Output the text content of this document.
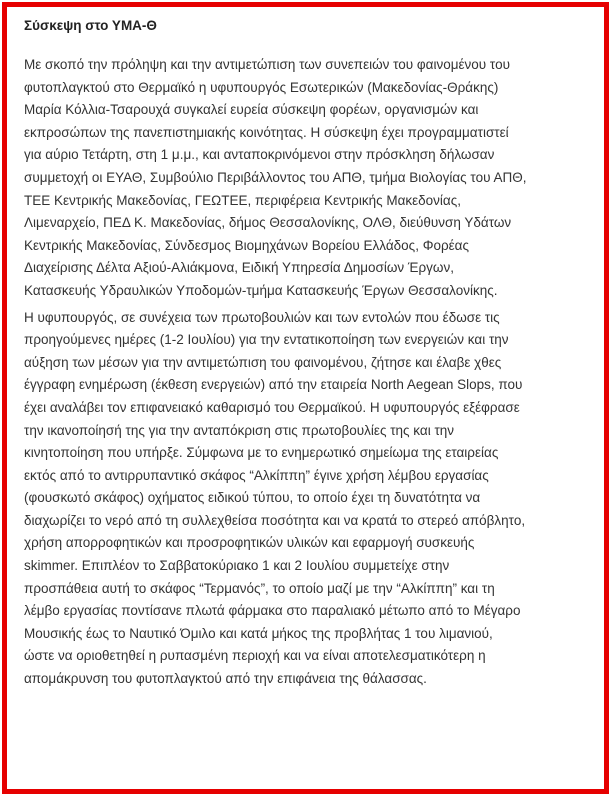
Σύσκεψη στο ΥΜΑ-Θ

Με σκοπό την πρόληψη και την αντιμετώπιση των συνεπειών του φαινομένου του
φυτοπλαγκτού στο Θερμαϊκό η υφυπουργός Εσωτερικών (Μακεδονίας-Θράκης)
Μαρία Κόλλια-Τσαρουχά συγκαλεί ευρεία σύσκεψη φορέων, οργανισμών και
εκπροσώπων της πανεπιστημιακής κοινότητας. Η σύσκεψη έχει προγραμματιστεί
για αύριο Τετάρτη, στη 1 μ.μ., και ανταποκρινόμενοι στην πρόσκληση δήλωσαν
συμμετοχή οι ΕΥΑΘ, Συμβούλιο Περιβάλλοντος του ΑΠΘ, τμήμα Βιολογίας του ΑΠΘ,
ΤΕΕ Κεντρικής Μακεδονίας, ΓΕΩΤΕΕ, περιφέρεια Κεντρικής Μακεδονίας,
Λιμεναρχείο, ΠΕΔ Κ. Μακεδονίας, δήμος Θεσσαλονίκης, ΟΛΘ, διεύθυνση Υδάτων
Κεντρικής Μακεδονίας, Σύνδεσμος Βιομηχάνων Βορείου Ελλάδος, Φορέας
Διαχείρισης Δέλτα Αξιού-Αλιάκμονα, Ειδική Υπηρεσία Δημοσίων Έργων,
Κατασκευής Υδραυλικών Υποδομών-τμήμα Κατασκευής Έργων Θεσσαλονίκης.

Η υφυπουργός, σε συνέχεια των πρωτοβουλιών και των εντολών που έδωσε τις
προηγούμενες ημέρες (1-2 Ιουλίου) για την εντατικοποίηση των ενεργειών και την
αύξηση των μέσων για την αντιμετώπιση του φαινομένου, ζήτησε και έλαβε χθες
έγγραφη ενημέρωση (έκθεση ενεργειών) από την εταιρεία North Aegean Slops, που
έχει αναλάβει τον επιφανειακό καθαρισμό του Θερμαϊκού. Η υφυπουργός εξέφρασε
την ικανοποίησή της για την ανταπόκριση στις πρωτοβουλίες της και την
κινητοποίηση που υπήρξε. Σύμφωνα με το ενημερωτικό σημείωμα της εταιρείας
εκτός από το αντιρρυπαντικό σκάφος “Αλκίππη” έγινε χρήση λέμβου εργασίας
(φουσκωτό σκάφος) οχήματος ειδικού τύπου, το οποίο έχει τη δυνατότητα να
διαχωρίζει το νερό από τη συλλεχθείσα ποσότητα και να κρατά το στερεό απόβλητο,
χρήση απορροφητικών και προσροφητικών υλικών και εφαρμογή συσκευής
skimmer. Επιπλέον το Σαββατοκύριακο 1 και 2 Ιουλίου συμμετείχε στην
προσπάθεια αυτή το σκάφος “Τερμανός”, το οποίο μαζί με την “Αλκίππη” και τη
λέμβο εργασίας ποντίσανε πλωτά φάρμακα στο παραλιακό μέτωπο από το Μέγαρο
Μουσικής έως το Ναυτικό Όμιλο και κατά μήκος της προβλήτας 1 του λιμανιού,
ώστε να οριοθετηθεί η ρυπασμένη περιοχή και να είναι αποτελεσματικότερη η
απομάκρυνση του φυτοπλαγκτού από την επιφάνεια της θάλασσας.
